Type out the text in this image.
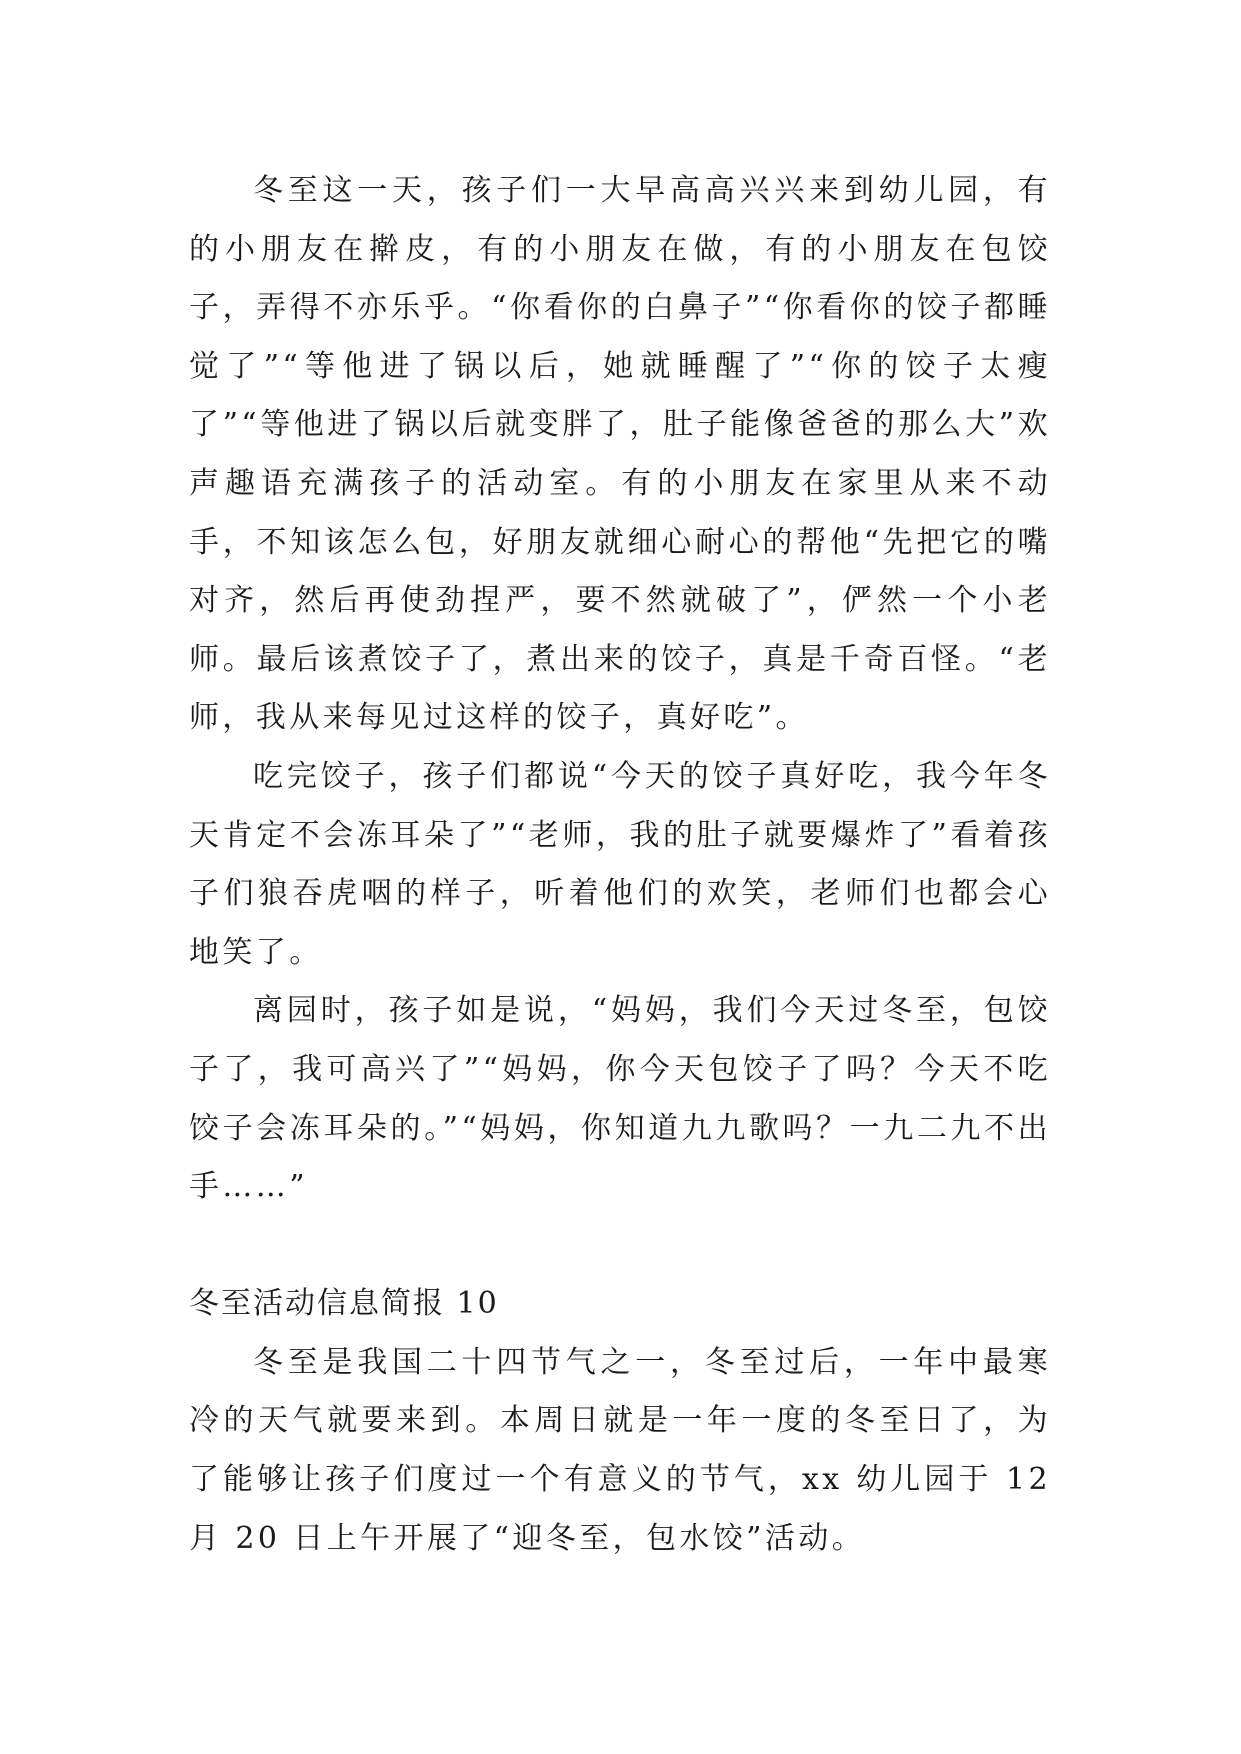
冬至这一天，孩子们一大早高高兴兴来到幼儿园，有的小朋友在擀皮，有的小朋友在做，有的小朋友在包饺子，弄得不亦乐乎。“你看你的白鼻子”“你看你的饺子都睡觉了”“等他进了锅以后，她就睡醒了”“你的饺子太瘦了”“等他进了锅以后就变胖了，肚子能像爸爸的那么大”欢声趣语充满孩子的活动室。有的小朋友在家里从来不动手，不知该怎么包，好朋友就细心耐心的帮他“先把它的嘴对齐，然后再使劲捏严，要不然就破了”，俨然一个小老师。最后该煮饺子了，煮出来的饺子，真是千奇百怪。“老师，我从来每见过这样的饺子，真好吃”。

吃完饺子，孩子们都说“今天的饺子真好吃，我今年冬天肯定不会冻耳朵了”“老师，我的肚子就要爆炸了”看着孩子们狼吞虎咽的样子，听着他们的欢笑，老师们也都会心地笑了。

离园时，孩子如是说，“妈妈，我们今天过冬至，包饺子了，我可高兴了”“妈妈，你今天包饺子了吗？今天不吃饺子会冻耳朵的。”“妈妈，你知道九九歌吗？一九二九不出手……”

冬至活动信息简报 10

冬至是我国二十四节气之一，冬至过后，一年中最寒冷的天气就要来到。本周日就是一年一度的冬至日了，为了能够让孩子们度过一个有意义的节气，xx 幼儿园于 12 月 20 日上午开展了“迎冬至，包水饺”活动。
